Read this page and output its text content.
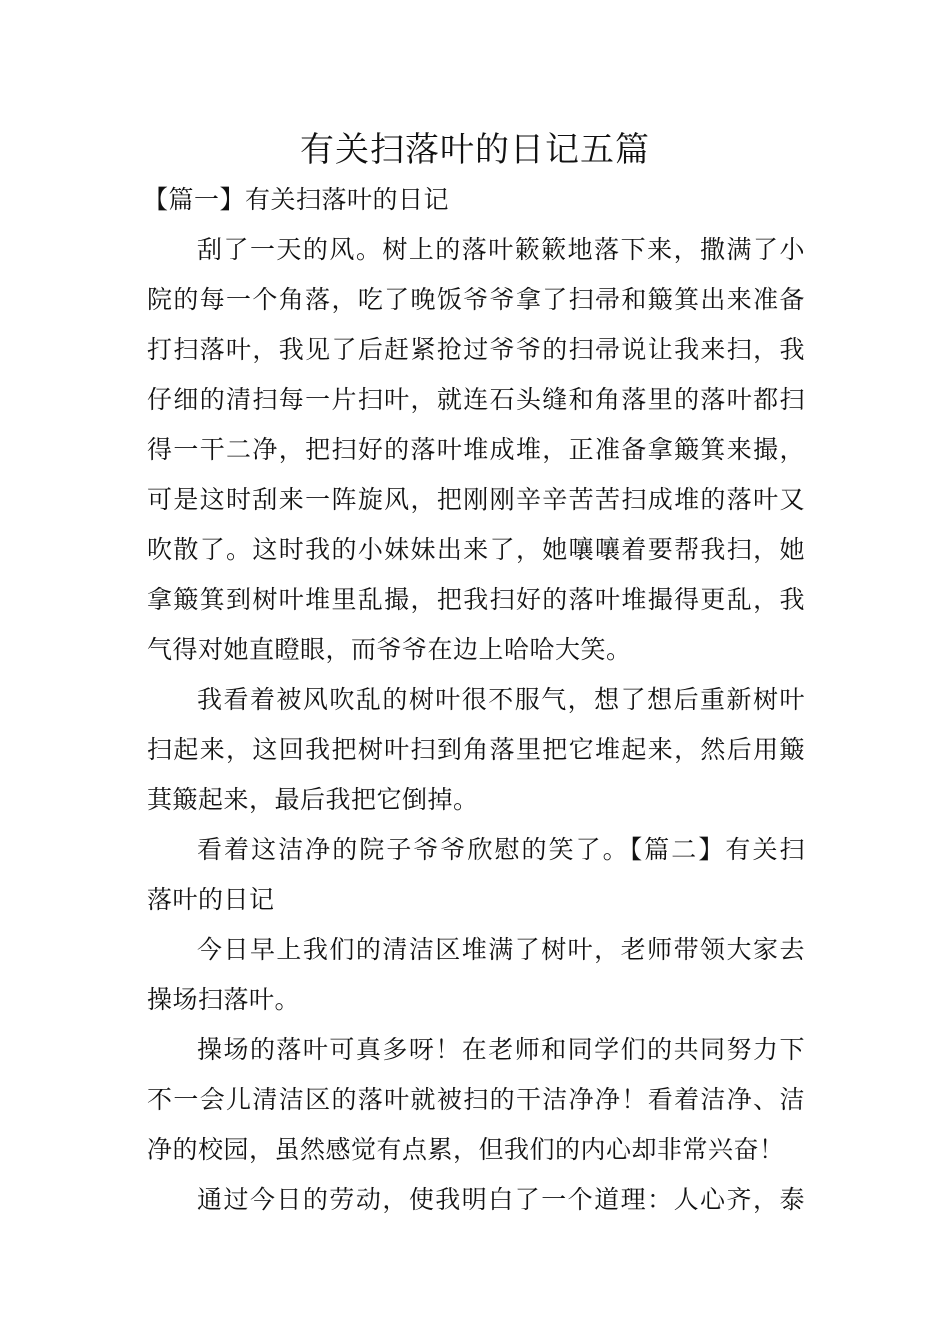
有关扫落叶的日记五篇
【篇一】有关扫落叶的日记
刮了一天的风。树上的落叶簌簌地落下来，撒满了小
院的每一个角落，吃了晚饭爷爷拿了扫帚和簸箕出来准备
打扫落叶，我见了后赶紧抢过爷爷的扫帚说让我来扫，我
仔细的清扫每一片扫叶，就连石头缝和角落里的落叶都扫
得一干二净，把扫好的落叶堆成堆，正准备拿簸箕来撮，
可是这时刮来一阵旋风，把刚刚辛辛苦苦扫成堆的落叶又
吹散了。这时我的小妹妹出来了，她嚷嚷着要帮我扫，她
拿簸箕到树叶堆里乱撮，把我扫好的落叶堆撮得更乱，我
气得对她直瞪眼，而爷爷在边上哈哈大笑。
我看着被风吹乱的树叶很不服气，想了想后重新树叶
扫起来，这回我把树叶扫到角落里把它堆起来，然后用簸
萁簸起来，最后我把它倒掉。
看着这洁净的院子爷爷欣慰的笑了。【篇二】有关扫
落叶的日记
今日早上我们的清洁区堆满了树叶，老师带领大家去
操场扫落叶。
操场的落叶可真多呀！在老师和同学们的共同努力下
不一会儿清洁区的落叶就被扫的干洁净净！看着洁净、洁
净的校园，虽然感觉有点累，但我们的内心却非常兴奋！
通过今日的劳动，使我明白了一个道理：人心齐，泰
